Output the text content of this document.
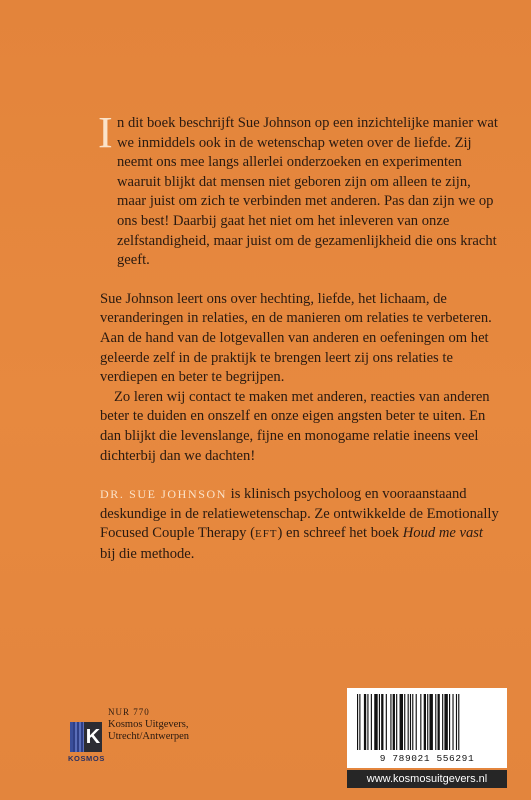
I n dit boek beschrijft Sue Johnson op een inzichtelijke manier wat we inmiddels ook in de wetenschap weten over de liefde. Zij neemt ons mee langs allerlei onderzoeken en experimenten waaruit blijkt dat mensen niet geboren zijn om alleen te zijn, maar juist om zich te verbinden met anderen. Pas dan zijn we op ons best! Daarbij gaat het niet om het inleveren van onze zelfstandigheid, maar juist om de gezamenlijkheid die ons kracht geeft.

Sue Johnson leert ons over hechting, liefde, het lichaam, de veranderingen in relaties, en de manieren om relaties te verbeteren. Aan de hand van de lotgevallen van anderen en oefeningen om het geleerde zelf in de praktijk te brengen leert zij ons relaties te verdiepen en beter te begrijpen.

Zo leren wij contact te maken met anderen, reacties van anderen beter te duiden en onszelf en onze eigen angsten beter te uiten. En dan blijkt die levenslange, fijne en monogame relatie ineens veel dichterbij dan we dachten!

DR. SUE JOHNSON is klinisch psycholoog en vooraanstaand deskundige in de relatiewetenschap. Ze ontwikkelde de Emotionally Focused Couple Therapy (EFT) en schreef het boek Houd me vast bij die methode.

K
KOSMOS
NUR 770
Kosmos Uitgevers,
Utrecht/Antwerpen
9 789021 556291
www.kosmosuitgevers.nl
